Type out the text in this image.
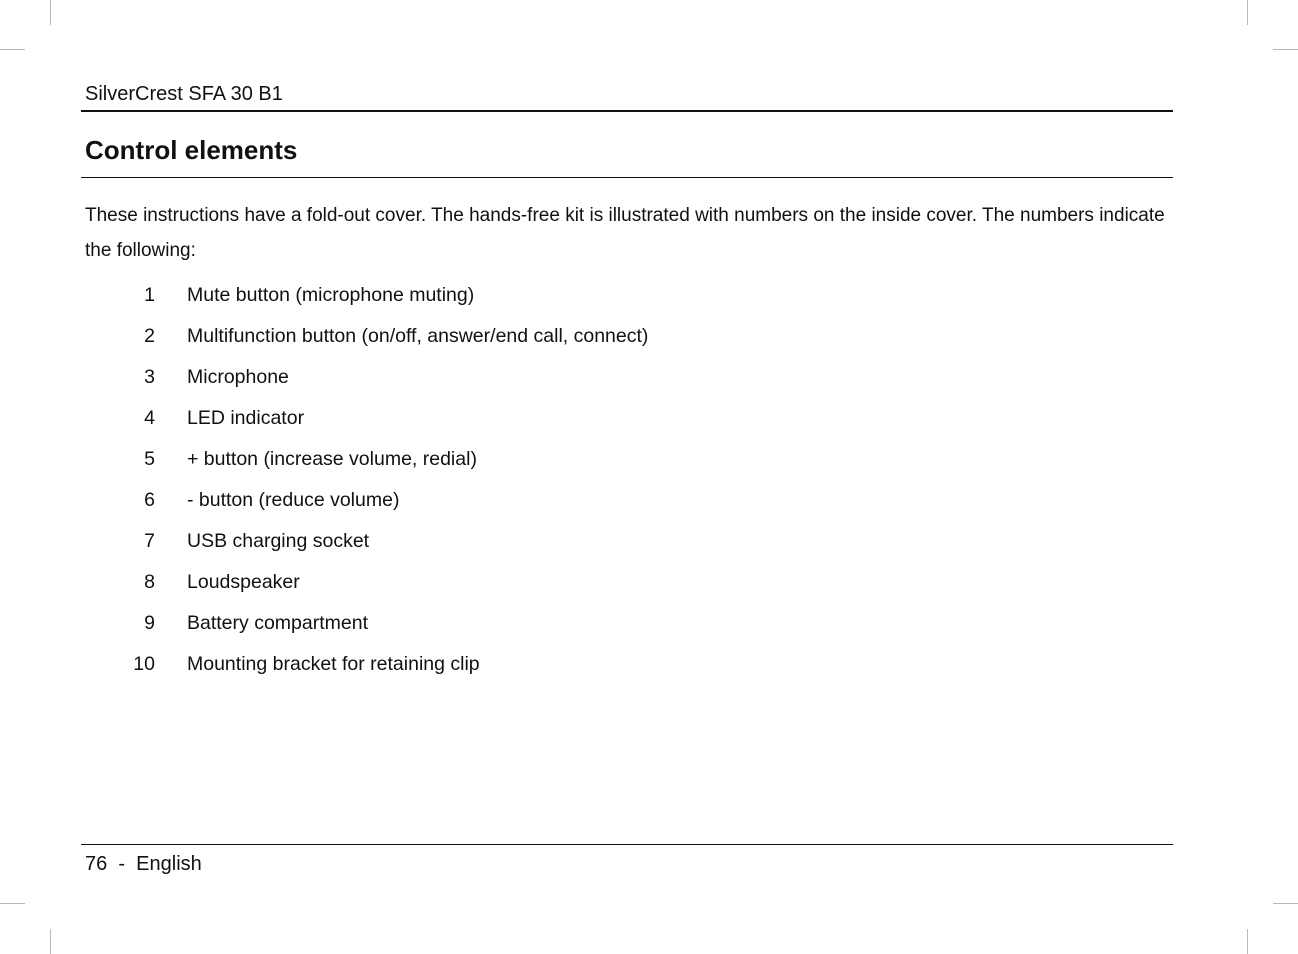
SilverCrest SFA 30 B1
Control elements

These instructions have a fold-out cover. The hands-free kit is illustrated with numbers on the inside cover. The numbers indicate the following:

1 Mute button (microphone muting)
2 Multifunction button (on/off, answer/end call, connect)
3 Microphone
4 LED indicator
5 + button (increase volume, redial)
6 - button (reduce volume)
7 USB charging socket
8 Loudspeaker
9 Battery compartment
10 Mounting bracket for retaining clip
76 - English
